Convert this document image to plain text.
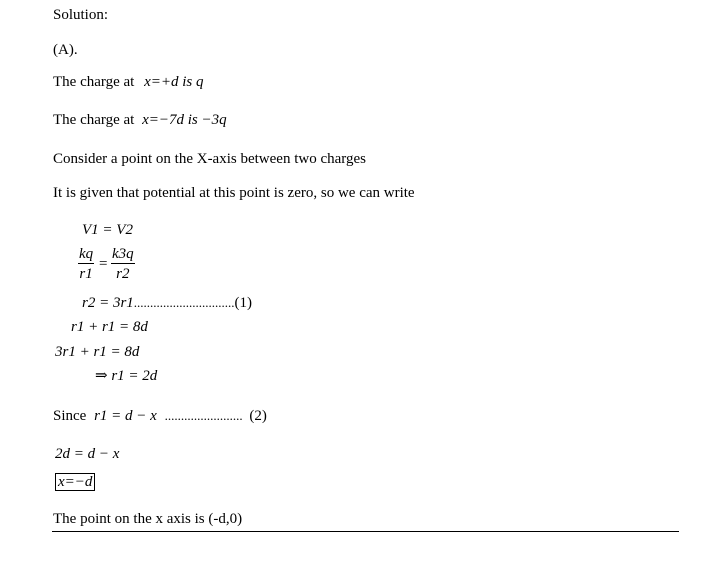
Solution:
(A).
The charge at x=+d is q
The charge at x=−7d is −3q
Consider a point on the X-axis between two charges
It is given that potential at this point is zero, so we can write
V1 = V2
$\frac{kq}{r1} = \frac{k3q}{r2}$
r2 = 3r1...............................(1)
r1 + r1 = 8d
3r1 + r1 = 8d
⇒ r1 = 2d
Since r1 = d − x ........................ (2)
2d = d − x
x=−d
The point on the x axis is (-d,0)
